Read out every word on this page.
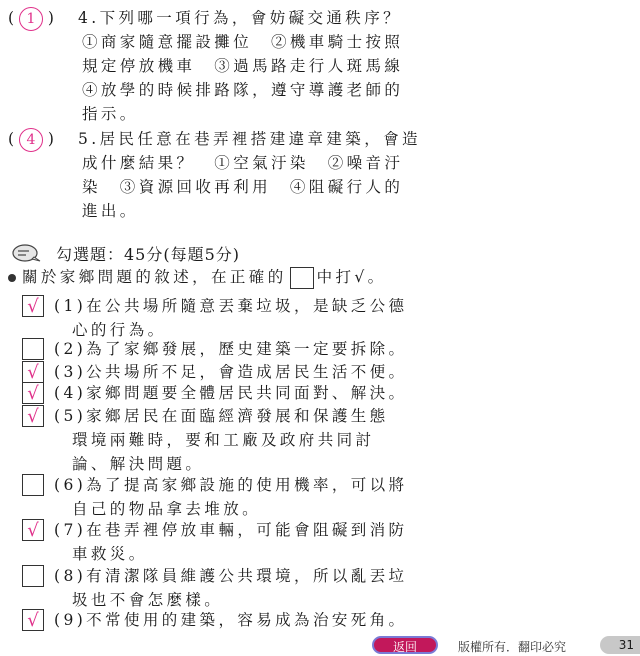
( 1 ) 4.下列哪一項行為，會妨礙交通秩序？
①商家隨意擺設攤位　②機車騎士按照
規定停放機車　③過馬路走行人斑馬線
④放學的時候排路隊，遵守導護老師的
指示。
( 4 ) 5.居民任意在巷弄裡搭建違章建築，會造
成什麼結果？　①空氣汙染　②噪音汙
染　③資源回收再利用　④阻礙行人的
進出。
勾選題：45分(每題5分)
關於家鄉問題的敘述，在正確的 中打√。
√ (1)在公共場所隨意丟棄垃圾，是缺乏公德
心的行為。
(2)為了家鄉發展，歷史建築一定要拆除。
√ (3)公共場所不足，會造成居民生活不便。
√ (4)家鄉問題要全體居民共同面對、解決。
√ (5)家鄉居民在面臨經濟發展和保護生態
環境兩難時，要和工廠及政府共同討
論、解決問題。
(6)為了提高家鄉設施的使用機率，可以將
自己的物品拿去堆放。
√ (7)在巷弄裡停放車輛，可能會阻礙到消防
車救災。
(8)有清潔隊員維護公共環境，所以亂丟垃
圾也不會怎麼樣。
√ (9)不常使用的建築，容易成為治安死角。
返回	版權所有．翻印必究	31
